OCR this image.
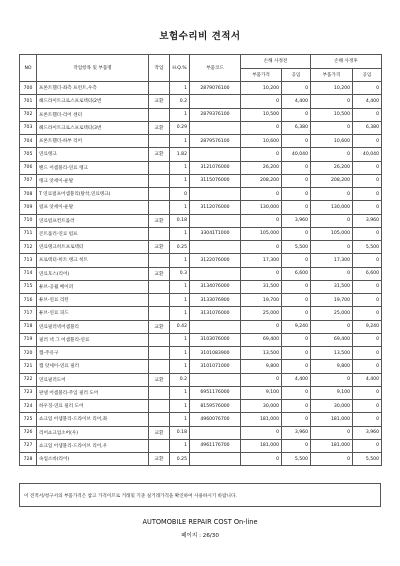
보험수리비 견적서
NO	작업항목 및 부품명	작업	H.Q.%	부품코드	손해 사정전		손해 사정후	
					부품가격	공임	부품가격	공임
700	프론트휀더-좌측 프런트,우측		1	2879076100	10,200	0	10,200	0
701	헤드라이트크로스프로텍터(2번	교환	0.2		0	4,400	0	4,400
702	프론트휀더-리어 센터		1	2879376100	10,500	0	10,500	0
703	헤드라이트크로스프로텍터(3번	교환	0.29		0	6,380	0	6,380
704	프론트휀더-하부 리어		1	2879576100	10,600	0	10,600	0
705	연료탱크	교환	1.82		0	40,040	0	40,040
706	밴드 어셈블리-연료 탱크		1	3121076000	26,200	0	26,200	0
707	탱크 앗세이-운탈		1	3115076000	208,200	0	208,200	0
708	T 연료펌프어셈블리(탈착,연료탱크)		0		0	0	0	0
709	펌프 앗세이-운탈		1	3112076000	130,000	0	130,000	0
710	연료펌프컨트롤러	교환	0.18		0	3,960	0	3,960
711	콘트롤러-연료 펌프		1	33041T1000	105,000	0	105,000	0
712	연료탱크히트프로텍터	교환	0.25		0	5,500	0	5,500
713	프로텍터-히트 탱크 히트		1	3122076000	17,300	0	17,300	0
714	연료호스(리어)	교환	0.3		0	6,600	0	6,600
715	튜브-공월 베이퍼		1	3134076000	31,500	0	31,500	0
716	튜브-연료 리턴		1	3133076900	19,700	0	19,700	0
717	튜브-연료 피드		1	3131076000	25,000	0	25,000	0
718	연료필러넥어셈블리	교환	0.42		0	9,240	0	9,240
719	필러 넥 그 어셈블리-연료		1	3103076000	69,400	0	69,400	0
720	캡-주유구		1	3101083900	13,500	0	13,500	0
721	캡 앗세이-연료 필러		1	3101071000	9,800	0	9,800	0
722	연료필러도어	교환	0.2		0	4,400	0	4,400
723	판넬 어셈블리-주입 필러 도어		1	6951176000	9,100	0	9,100	0
724	하우징-연료 필러 도어		1	8159576000	30,000	0	30,000	0
725	쇼크업 어셈블리-드라이브 리어,좌		1	4960076700	181,000	0	181,000	0
726	리어쇼크업소버(우)	교환	0.18		0	3,960	0	3,960
727	쇼크업 어셈블리-드라이브 리어,우		1	4961176700	181,000	0	181,000	0
728	속업소바(리어)	교환	0.25		0	5,500	0	5,500
이 견적서/청구서의 부품가격은 참고 가격이므로 거래및 기준 실거래가격을 확인하여 사용하시기 바랍니다.
AUTOMOBILE REPAIR COST On-line
페이지 : 26/30
